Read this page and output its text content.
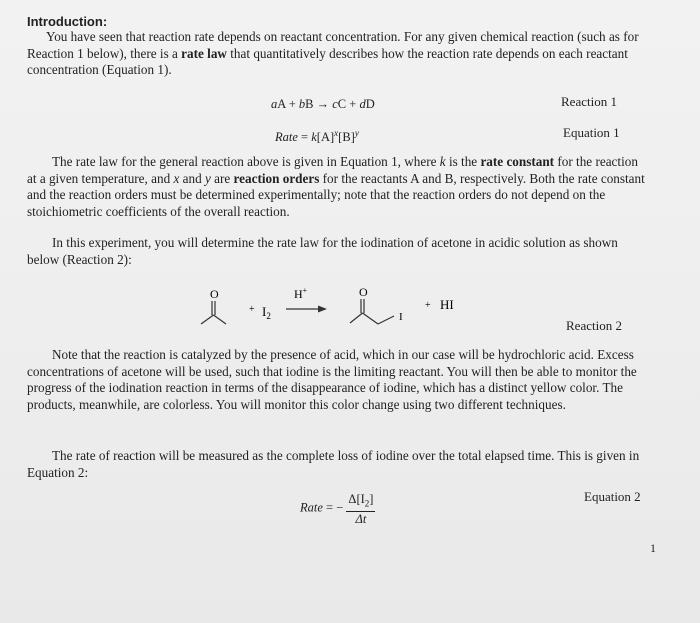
Introduction:
You have seen that reaction rate depends on reactant concentration. For any given chemical reaction (such as for Reaction 1 below), there is a rate law that quantitatively describes how the reaction rate depends on each reactant concentration (Equation 1).
aA + bB → cC + dD	Reaction 1
Rate = $k[A]^x[B]^y$	Equation 1
The rate law for the general reaction above is given in Equation 1, where k is the rate constant for the reaction at a given temperature, and x and y are reaction orders for the reactants A and B, respectively. Both the rate constant and the reaction orders must be determined experimentally; note that the reaction orders do not depend on the stoichiometric coefficients of the overall reaction.
In this experiment, you will determine the rate law for the iodination of acetone in acidic solution as shown below (Reaction 2):
O
+ $I_2$
H+	O
I
+ HI
Reaction 2
Note that the reaction is catalyzed by the presence of acid, which in our case will be hydrochloric acid. Excess concentrations of acetone will be used, such that iodine is the limiting reactant. You will then be able to monitor the progress of the iodination reaction in terms of the disappearance of iodine, which has a distinct yellow color. The products, meanwhile, are colorless. You will monitor this color change using two different techniques.
The rate of reaction will be measured as the complete loss of iodine over the total elapsed time. This is given in Equation 2:
Rate = − $\frac{\Delta[I_2]}{\Delta t}$	Equation 2
1
